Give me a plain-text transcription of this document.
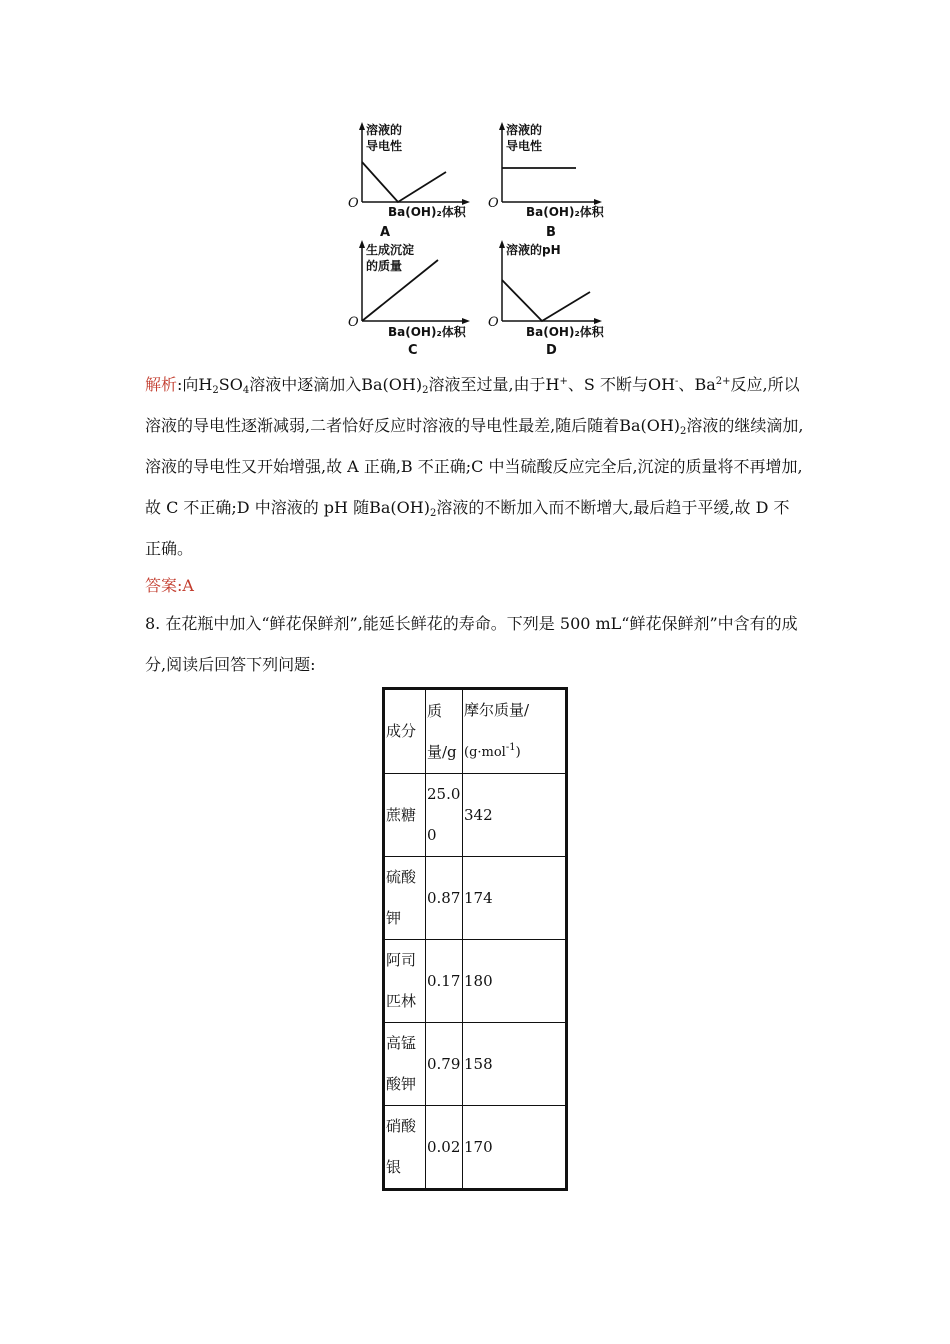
溶液的
导电性
O
Ba(OH)₂体积
A
溶液的
导电性
O
Ba(OH)₂体积
B
生成沉淀
的质量
O
Ba(OH)₂体积
C
溶液的pH
O
Ba(OH)₂体积
D
解析:向$H_2SO_4$溶液中逐滴加入$Ba(OH)_2$溶液至过量,由于H+、S 不断与OH-、$Ba^{2+}$反应,所以溶液的导电性逐渐减弱,二者恰好反应时溶液的导电性最差,随后随着$Ba(OH)_2$溶液的继续滴加,溶液的导电性又开始增强,故 A 正确,B 不正确;C 中当硫酸反应完全后,沉淀的质量将不再增加,故 C 不正确;D 中溶液的 pH 随$Ba(OH)_2$溶液的不断加入而不断增大,最后趋于平缓,故 D 不正确。
答案:A
8. 在花瓶中加入“鲜花保鲜剂”,能延长鲜花的寿命。下列是 500 mL“鲜花保鲜剂”中含有的成分,阅读后回答下列问题:
成分	质量/g	摩尔质量/
(g·mol$^{-1}$)
蔗糖	25.00	342
硫酸钾	0.87	174
阿司匹林	0.17	180
高锰酸钾	0.79	158
硝酸银	0.02	170
